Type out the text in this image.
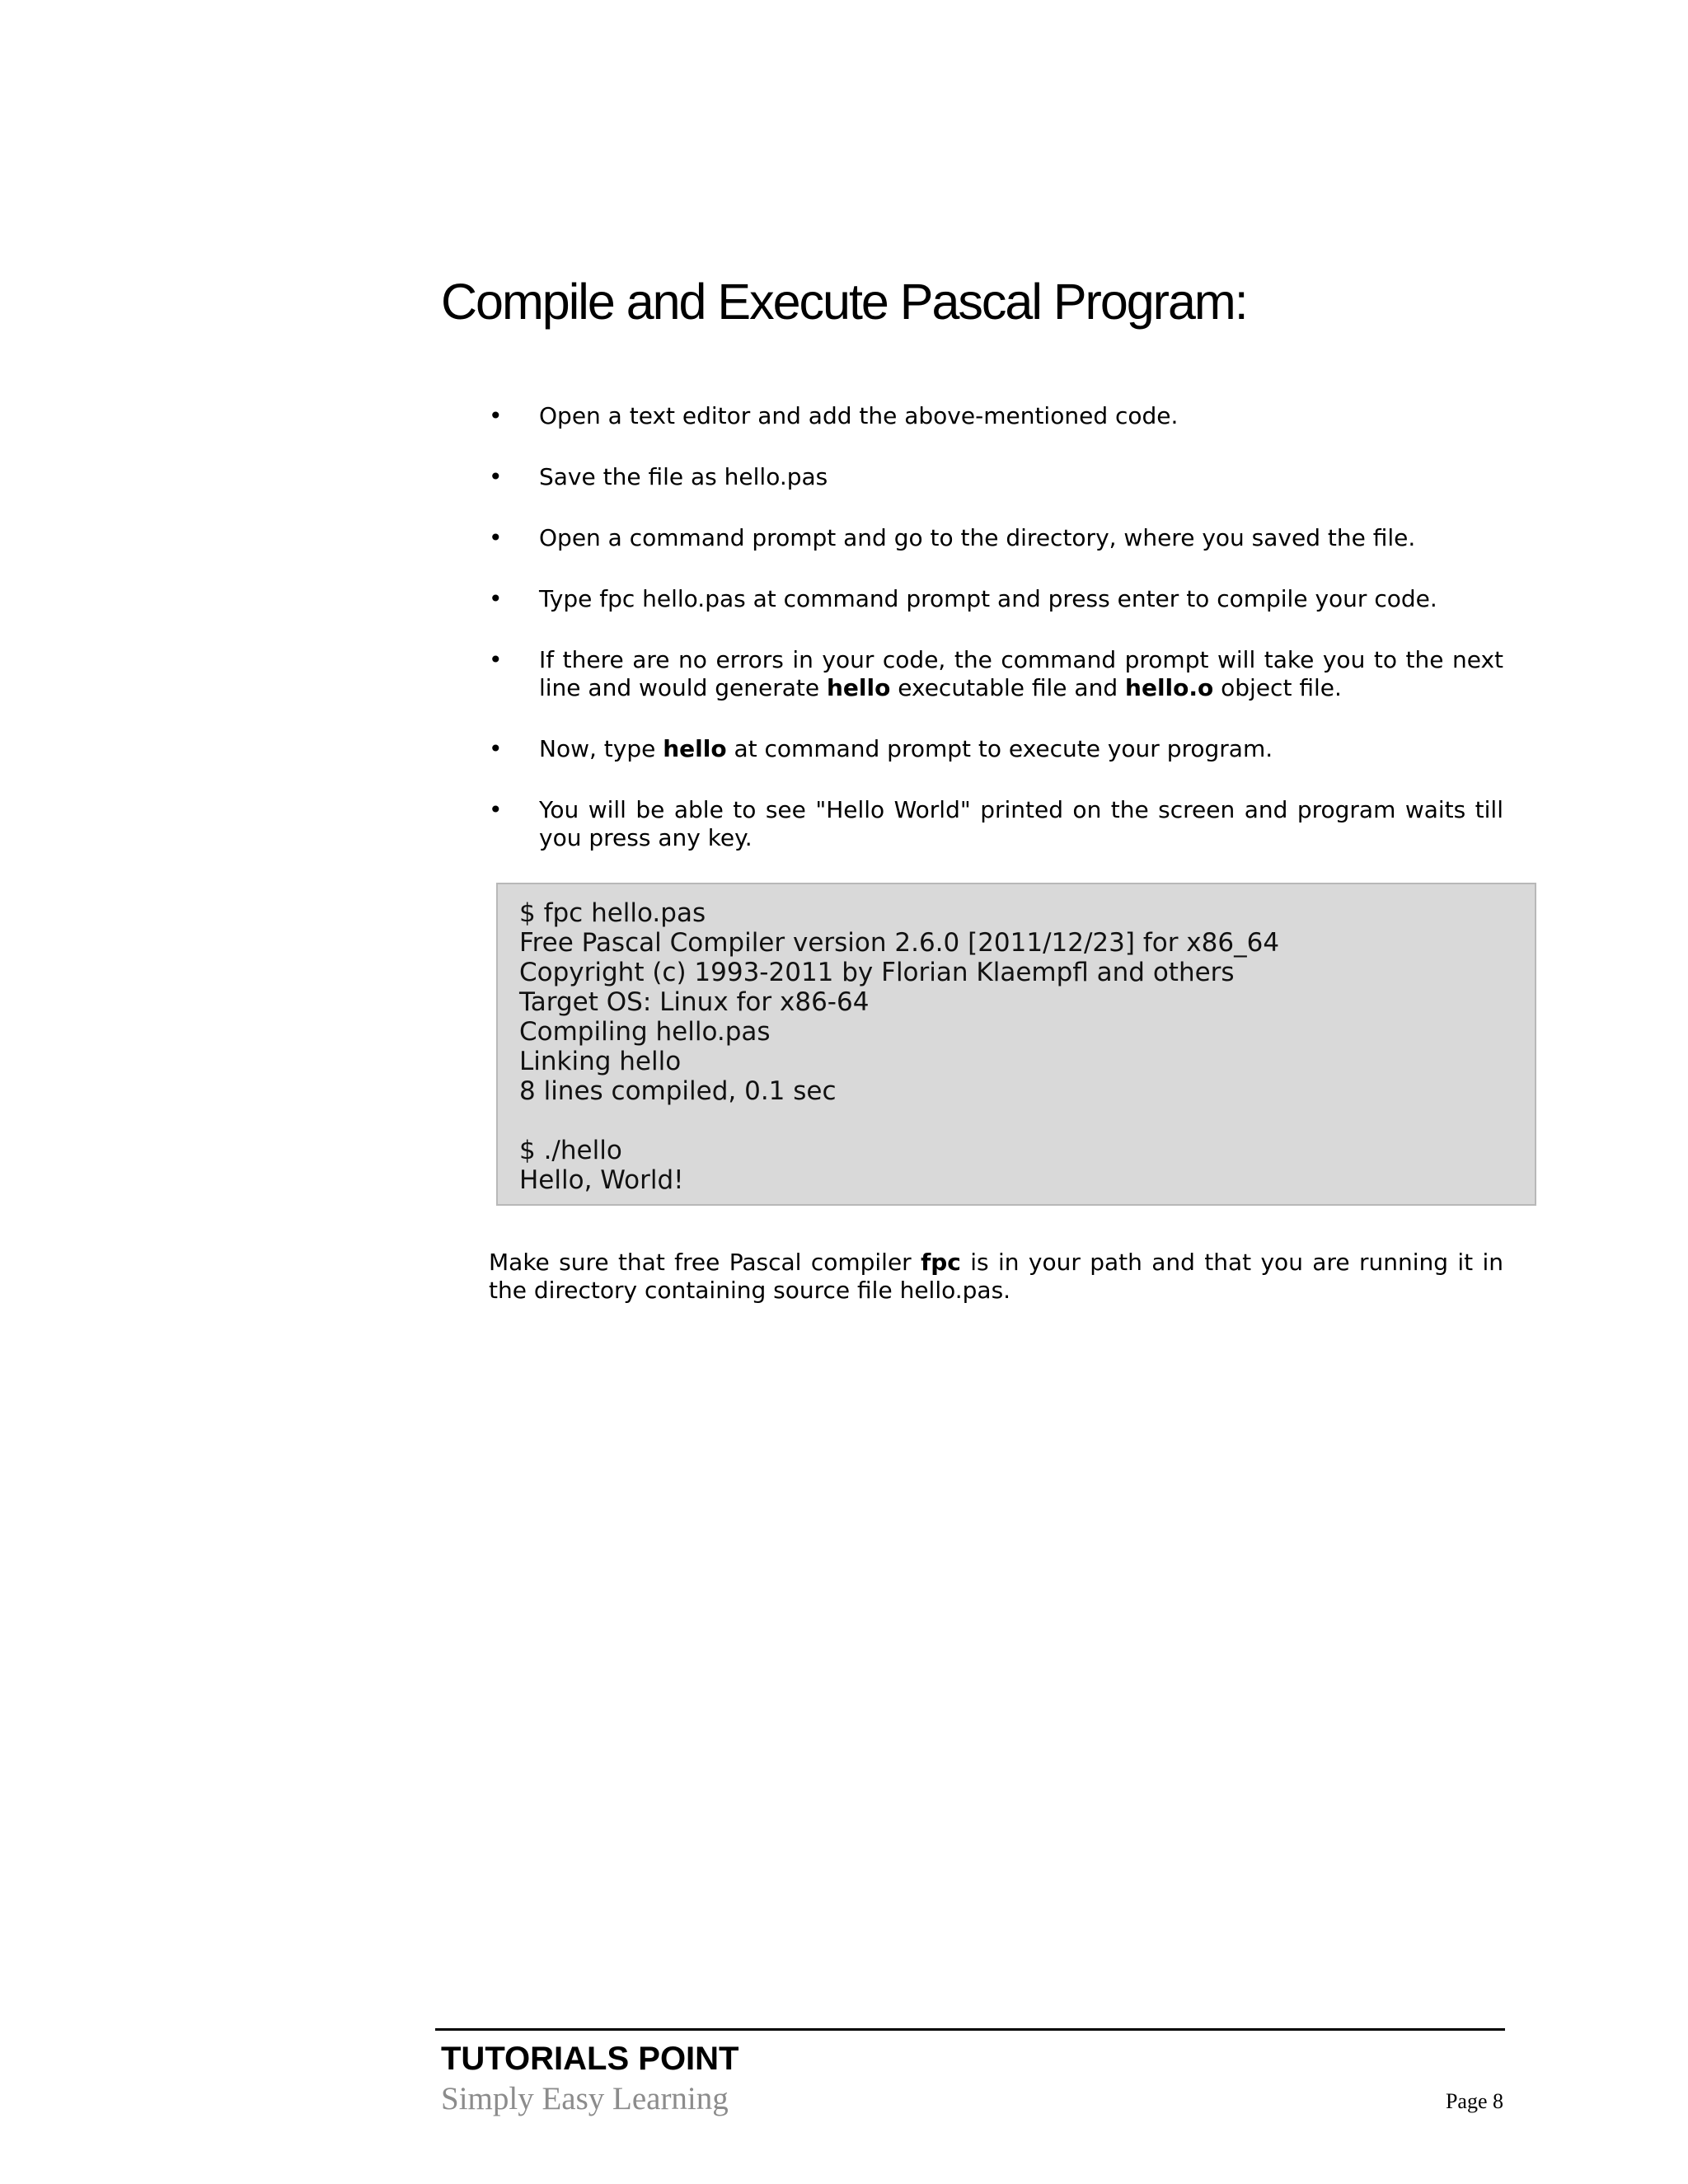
Compile and Execute Pascal Program:
• Open a text editor and add the above-mentioned code.
• Save the file as hello.pas
• Open a command prompt and go to the directory, where you saved the file.
• Type fpc hello.pas at command prompt and press enter to compile your code.
• If there are no errors in your code, the command prompt will take you to the next line and would generate hello executable file and hello.o object file.
• Now, type hello at command prompt to execute your program.
• You will be able to see "Hello World" printed on the screen and program waits till you press any key.
$ fpc hello.pas
Free Pascal Compiler version 2.6.0 [2011/12/23] for x86_64
Copyright (c) 1993-2011 by Florian Klaempfl and others
Target OS: Linux for x86-64
Compiling hello.pas
Linking hello
8 lines compiled, 0.1 sec
$ ./hello
Hello, World!

Make sure that free Pascal compiler fpc is in your path and that you are running it in the directory containing source file hello.pas.

TUTORIALS POINT
Simply Easy Learning	Page 8
